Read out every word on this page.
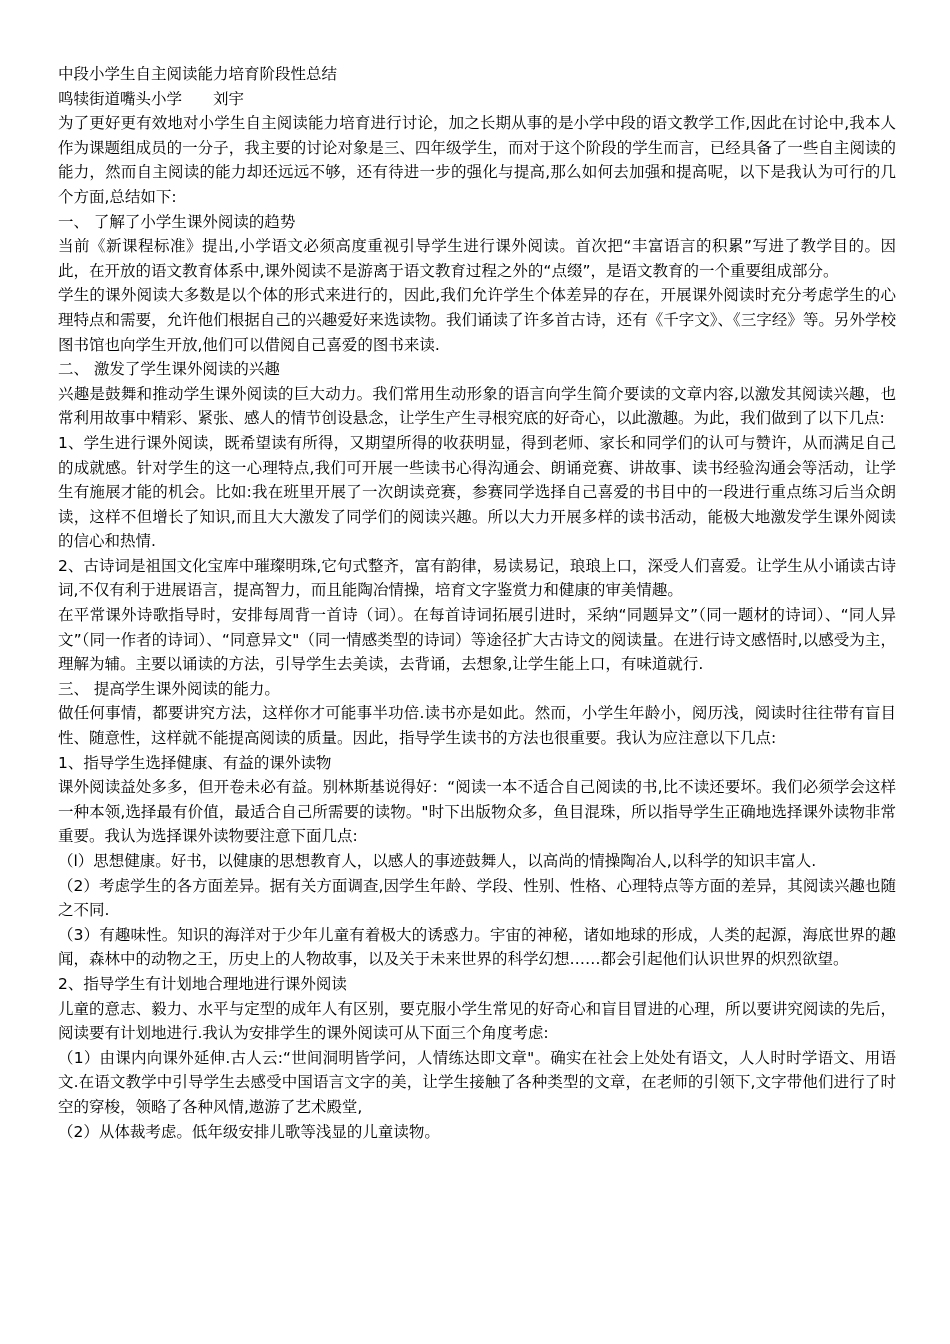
中段小学生自主阅读能力培育阶段性总结

鸣犊街道嘴头小学　　刘宇

为了更好更有效地对小学生自主阅读能力培育进行讨论，加之长期从事的是小学中段的语文教学工作,因此在讨论中,我本人作为课题组成员的一分子，我主要的讨论对象是三、四年级学生，而对于这个阶段的学生而言，已经具备了一些自主阅读的能力，然而自主阅读的能力却还远远不够，还有待进一步的强化与提高,那么如何去加强和提高呢，以下是我认为可行的几个方面,总结如下:

一、 了解了小学生课外阅读的趋势

当前《新课程标准》提出,小学语文必须高度重视引导学生进行课外阅读。首次把“丰富语言的积累”写进了教学目的。因此，在开放的语文教育体系中,课外阅读不是游离于语文教育过程之外的“点缀”，是语文教育的一个重要组成部分。

学生的课外阅读大多数是以个体的形式来进行的，因此,我们允许学生个体差异的存在，开展课外阅读时充分考虑学生的心理特点和需要，允许他们根据自己的兴趣爱好来选读物。我们诵读了许多首古诗，还有《千字文》、《三字经》等。另外学校图书馆也向学生开放,他们可以借阅自己喜爱的图书来读.

二、 激发了学生课外阅读的兴趣

兴趣是鼓舞和推动学生课外阅读的巨大动力。我们常用生动形象的语言向学生简介要读的文章内容,以激发其阅读兴趣，也常利用故事中精彩、紧张、感人的情节创设悬念，让学生产生寻根究底的好奇心，以此激趣。为此，我们做到了以下几点:

1、学生进行课外阅读，既希望读有所得，又期望所得的收获明显，得到老师、家长和同学们的认可与赞许，从而满足自己的成就感。针对学生的这一心理特点,我们可开展一些读书心得沟通会、朗诵竞赛、讲故事、读书经验沟通会等活动，让学生有施展才能的机会。比如:我在班里开展了一次朗读竞赛，参赛同学选择自己喜爱的书目中的一段进行重点练习后当众朗读，这样不但增长了知识,而且大大激发了同学们的阅读兴趣。所以大力开展多样的读书活动，能极大地激发学生课外阅读的信心和热情.

2、古诗词是祖国文化宝库中璀璨明珠,它句式整齐，富有韵律，易读易记，琅琅上口，深受人们喜爱。让学生从小诵读古诗词,不仅有利于进展语言，提高智力，而且能陶冶情操，培育文字鉴赏力和健康的审美情趣。

在平常课外诗歌指导时，安排每周背一首诗（词）。在每首诗词拓展引进时，采纳“同题异文”（同一题材的诗词）、“同人异文”（同一作者的诗词）、“同意异文"（同一情感类型的诗词）等途径扩大古诗文的阅读量。在进行诗文感悟时,以感受为主，理解为辅。主要以诵读的方法，引导学生去美读，去背诵，去想象,让学生能上口，有味道就行.

三、 提高学生课外阅读的能力。

做任何事情，都要讲究方法，这样你才可能事半功倍.读书亦是如此。然而，小学生年龄小，阅历浅，阅读时往往带有盲目性、随意性，这样就不能提高阅读的质量。因此，指导学生读书的方法也很重要。我认为应注意以下几点:

1、指导学生选择健康、有益的课外读物

课外阅读益处多多，但开卷未必有益。别林斯基说得好：“阅读一本不适合自己阅读的书,比不读还要坏。我们必须学会这样一种本领,选择最有价值，最适合自己所需要的读物。"时下出版物众多，鱼目混珠，所以指导学生正确地选择课外读物非常重要。我认为选择课外读物要注意下面几点:

（l）思想健康。好书，以健康的思想教育人，以感人的事迹鼓舞人，以高尚的情操陶冶人,以科学的知识丰富人.

（2）考虑学生的各方面差异。据有关方面调查,因学生年龄、学段、性别、性格、心理特点等方面的差异，其阅读兴趣也随之不同.

（3）有趣味性。知识的海洋对于少年儿童有着极大的诱惑力。宇宙的神秘，诸如地球的形成，人类的起源，海底世界的趣闻，森林中的动物之王，历史上的人物故事，以及关于未来世界的科学幻想……都会引起他们认识世界的炽烈欲望。

2、指导学生有计划地合理地进行课外阅读

儿童的意志、毅力、水平与定型的成年人有区别，要克服小学生常见的好奇心和盲目冒进的心理，所以要讲究阅读的先后，阅读要有计划地进行.我认为安排学生的课外阅读可从下面三个角度考虑:

（1）由课内向课外延伸.古人云:“世间洞明皆学问，人情练达即文章"。确实在社会上处处有语文，人人时时学语文、用语文.在语文教学中引导学生去感受中国语言文字的美，让学生接触了各种类型的文章，在老师的引领下,文字带他们进行了时空的穿梭，领略了各种风情,遨游了艺术殿堂,

（2）从体裁考虑。低年级安排儿歌等浅显的儿童读物。
